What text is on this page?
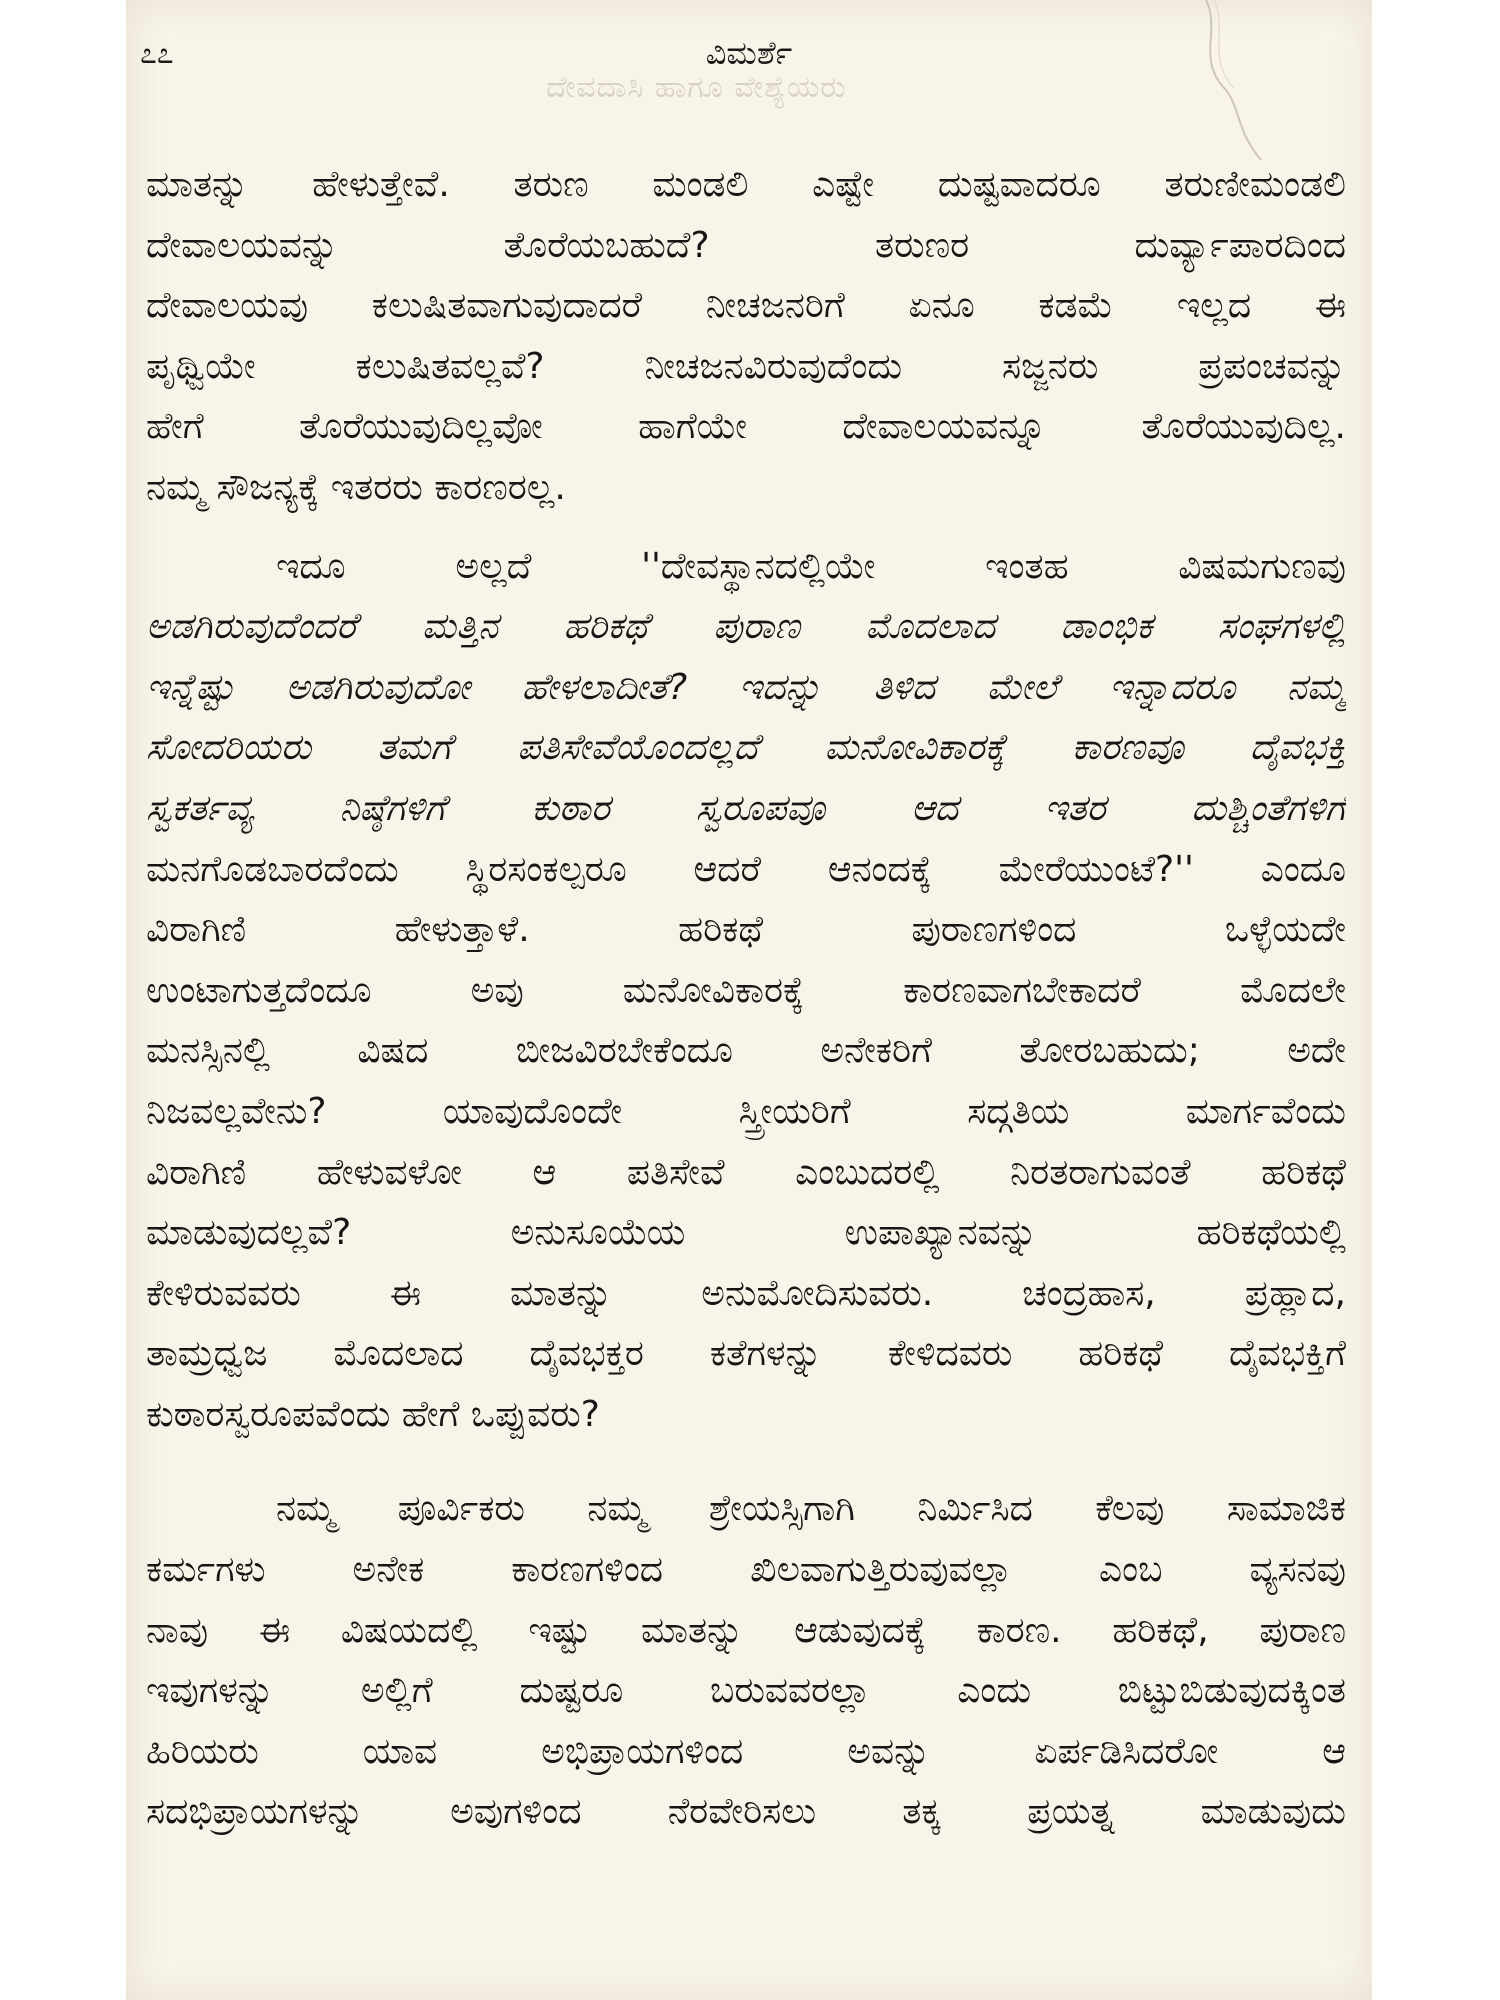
ದೇವದಾಸಿ ಹಾಗೂ ವೇಶ್ಯೆಯರು
೭೭	ವಿಮರ್ಶೆ
ಮಾತನ್ನು ಹೇಳುತ್ತೇವೆ. ತರುಣ ಮಂಡಲಿ ಎಷ್ಟೇ ದುಷ್ಟವಾದರೂ ತರುಣೀಮಂಡಲಿ
ದೇವಾಲಯವನ್ನು ತೊರೆಯಬಹುದೆ? ತರುಣರ ದುರ್ವ್ಯಾಪಾರದಿಂದ
ದೇವಾಲಯವು ಕಲುಷಿತವಾಗುವುದಾದರೆ ನೀಚಜನರಿಗೆ ಏನೂ ಕಡಮೆ ಇಲ್ಲದ ಈ
ಪೃಥ್ವಿಯೇ ಕಲುಷಿತವಲ್ಲವೆ? ನೀಚಜನವಿರುವುದೆಂದು ಸಜ್ಜನರು ಪ್ರಪಂಚವನ್ನು
ಹೇಗೆ ತೊರೆಯುವುದಿಲ್ಲವೋ ಹಾಗೆಯೇ ದೇವಾಲಯವನ್ನೂ ತೊರೆಯುವುದಿಲ್ಲ.
ನಮ್ಮ ಸೌಜನ್ಯಕ್ಕೆ ಇತರರು ಕಾರಣರಲ್ಲ.
ಇದೂ ಅಲ್ಲದೆ ''ದೇವಸ್ಥಾನದಲ್ಲಿಯೇ ಇಂತಹ ವಿಷಮಗುಣವು
ಅಡಗಿರುವುದೆಂದರೆ ಮತ್ತಿನ ಹರಿಕಥೆ ಪುರಾಣ ಮೊದಲಾದ ಡಾಂಭಿಕ ಸಂಘಗಳಲ್ಲಿ
ಇನ್ನೆಷ್ಟು ಅಡಗಿರುವುದೋ ಹೇಳಲಾದೀತೆ? ಇದನ್ನು ತಿಳಿದ ಮೇಲೆ ಇನ್ನಾದರೂ ನಮ್ಮ
ಸೋದರಿಯರು ತಮಗೆ ಪತಿಸೇವೆಯೊಂದಲ್ಲದೆ ಮನೋವಿಕಾರಕ್ಕೆ ಕಾರಣವೂ ದೈವಭಕ್ತಿ
ಸ್ವಕರ್ತವ್ಯ ನಿಷ್ಠೆಗಳಿಗೆ ಕುಠಾರ ಸ್ವರೂಪವೂ ಆದ ಇತರ ದುಶ್ಚಿಂತೆಗಳಿಗೆ
ಮನಗೊಡಬಾರದೆಂದು ಸ್ಥಿರಸಂಕಲ್ಪರೂ ಆದರೆ ಆನಂದಕ್ಕೆ ಮೇರೆಯುಂಟೆ?'' ಎಂದೂ
ವಿರಾಗಿಣಿ ಹೇಳುತ್ತಾಳೆ. ಹರಿಕಥೆ ಪುರಾಣಗಳಿಂದ ಒಳ್ಳೆಯದೇ
ಉಂಟಾಗುತ್ತದೆಂದೂ ಅವು ಮನೋವಿಕಾರಕ್ಕೆ ಕಾರಣವಾಗಬೇಕಾದರೆ ಮೊದಲೇ
ಮನಸ್ಸಿನಲ್ಲಿ ವಿಷದ ಬೀಜವಿರಬೇಕೆಂದೂ ಅನೇಕರಿಗೆ ತೋರಬಹುದು; ಅದೇ
ನಿಜವಲ್ಲವೇನು? ಯಾವುದೊಂದೇ ಸ್ತ್ರೀಯರಿಗೆ ಸದ್ಗತಿಯ ಮಾರ್ಗವೆಂದು
ವಿರಾಗಿಣಿ ಹೇಳುವಳೋ ಆ ಪತಿಸೇವೆ ಎಂಬುದರಲ್ಲಿ ನಿರತರಾಗುವಂತೆ ಹರಿಕಥೆ
ಮಾಡುವುದಲ್ಲವೆ? ಅನುಸೂಯೆಯ ಉಪಾಖ್ಯಾನವನ್ನು ಹರಿಕಥೆಯಲ್ಲಿ
ಕೇಳಿರುವವರು ಈ ಮಾತನ್ನು ಅನುಮೋದಿಸುವರು. ಚಂದ್ರಹಾಸ, ಪ್ರಹ್ಲಾದ,
ತಾಮ್ರಧ್ವಜ ಮೊದಲಾದ ದೈವಭಕ್ತರ ಕತೆಗಳನ್ನು ಕೇಳಿದವರು ಹರಿಕಥೆ ದೈವಭಕ್ತಿಗೆ
ಕುಠಾರಸ್ವರೂಪವೆಂದು ಹೇಗೆ ಒಪ್ಪುವರು?
ನಮ್ಮ ಪೂರ್ವಿಕರು ನಮ್ಮ ಶ್ರೇಯಸ್ಸಿಗಾಗಿ ನಿರ್ಮಿಸಿದ ಕೆಲವು ಸಾಮಾಜಿಕ
ಕರ್ಮಗಳು ಅನೇಕ ಕಾರಣಗಳಿಂದ ಖಿಲವಾಗುತ್ತಿರುವುವಲ್ಲಾ ಎಂಬ ವ್ಯಸನವು
ನಾವು ಈ ವಿಷಯದಲ್ಲಿ ಇಷ್ಟು ಮಾತನ್ನು ಆಡುವುದಕ್ಕೆ ಕಾರಣ. ಹರಿಕಥೆ, ಪುರಾಣ
ಇವುಗಳನ್ನು ಅಲ್ಲಿಗೆ ದುಷ್ಟರೂ ಬರುವವರಲ್ಲಾ ಎಂದು ಬಿಟ್ಟುಬಿಡುವುದಕ್ಕಿಂತ
ಹಿರಿಯರು ಯಾವ ಅಭಿಪ್ರಾಯಗಳಿಂದ ಅವನ್ನು ಏರ್ಪಡಿಸಿದರೋ ಆ
ಸದಭಿಪ್ರಾಯಗಳನ್ನು ಅವುಗಳಿಂದ ನೆರವೇರಿಸಲು ತಕ್ಕ ಪ್ರಯತ್ನ ಮಾಡುವುದು
